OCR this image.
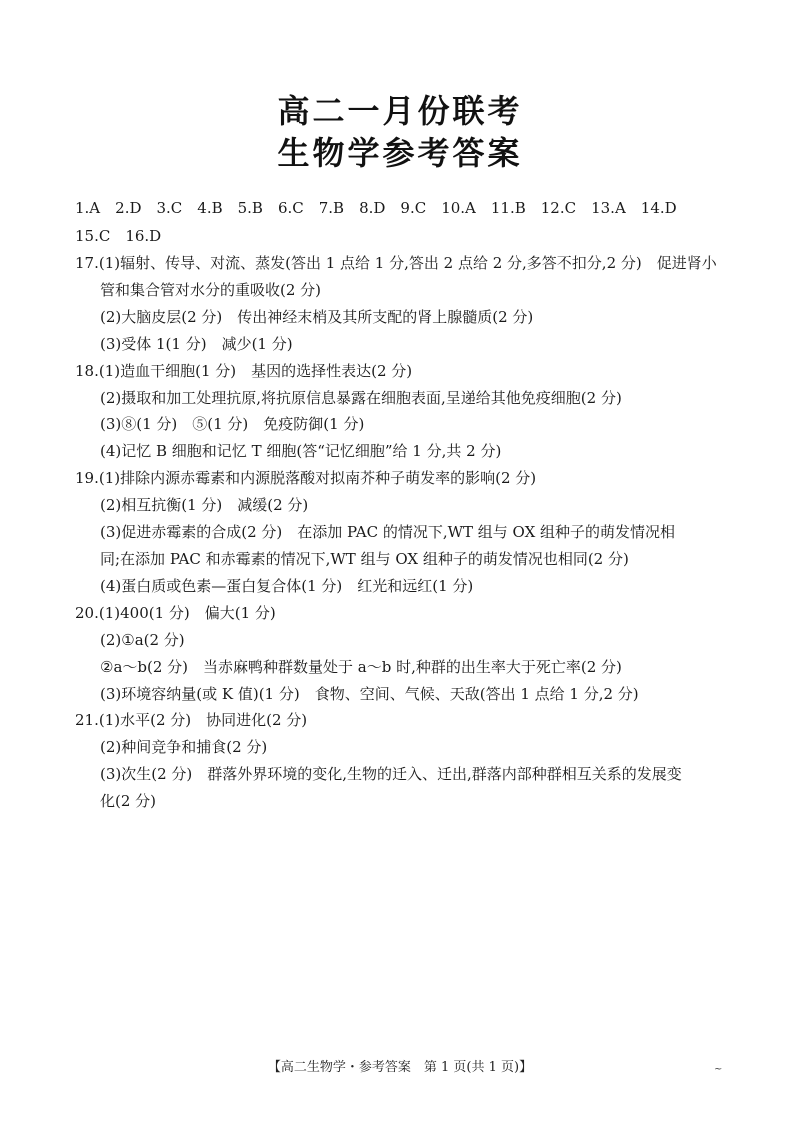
高二一月份联考
生物学参考答案
1.A　2.D　3.C　4.B　5.B　6.C　7.B　8.D　9.C　10.A　11.B　12.C　13.A　14.D
15.C　16.D
17.(1)辐射、传导、对流、蒸发(答出 1 点给 1 分,答出 2 点给 2 分,多答不扣分,2 分)　促进肾小
管和集合管对水分的重吸收(2 分)
(2)大脑皮层(2 分)　传出神经末梢及其所支配的肾上腺髓质(2 分)
(3)受体 1(1 分)　减少(1 分)
18.(1)造血干细胞(1 分)　基因的选择性表达(2 分)
(2)摄取和加工处理抗原,将抗原信息暴露在细胞表面,呈递给其他免疫细胞(2 分)
(3)⑧(1 分)　⑤(1 分)　免疫防御(1 分)
(4)记忆 B 细胞和记忆 T 细胞(答“记忆细胞”给 1 分,共 2 分)
19.(1)排除内源赤霉素和内源脱落酸对拟南芥种子萌发率的影响(2 分)
(2)相互抗衡(1 分)　减缓(2 分)
(3)促进赤霉素的合成(2 分)　在添加 PAC 的情况下,WT 组与 OX 组种子的萌发情况相
同;在添加 PAC 和赤霉素的情况下,WT 组与 OX 组种子的萌发情况也相同(2 分)
(4)蛋白质或色素—蛋白复合体(1 分)　红光和远红(1 分)
20.(1)400(1 分)　偏大(1 分)
(2)①a(2 分)
②a～b(2 分)　当赤麻鸭种群数量处于 a～b 时,种群的出生率大于死亡率(2 分)
(3)环境容纳量(或 K 值)(1 分)　食物、空间、气候、天敌(答出 1 点给 1 分,2 分)
21.(1)水平(2 分)　协同进化(2 分)
(2)种间竞争和捕食(2 分)
(3)次生(2 分)　群落外界环境的变化,生物的迁入、迁出,群落内部种群相互关系的发展变
化(2 分)
【高二生物学・参考答案　第 1 页(共 1 页)】	~
